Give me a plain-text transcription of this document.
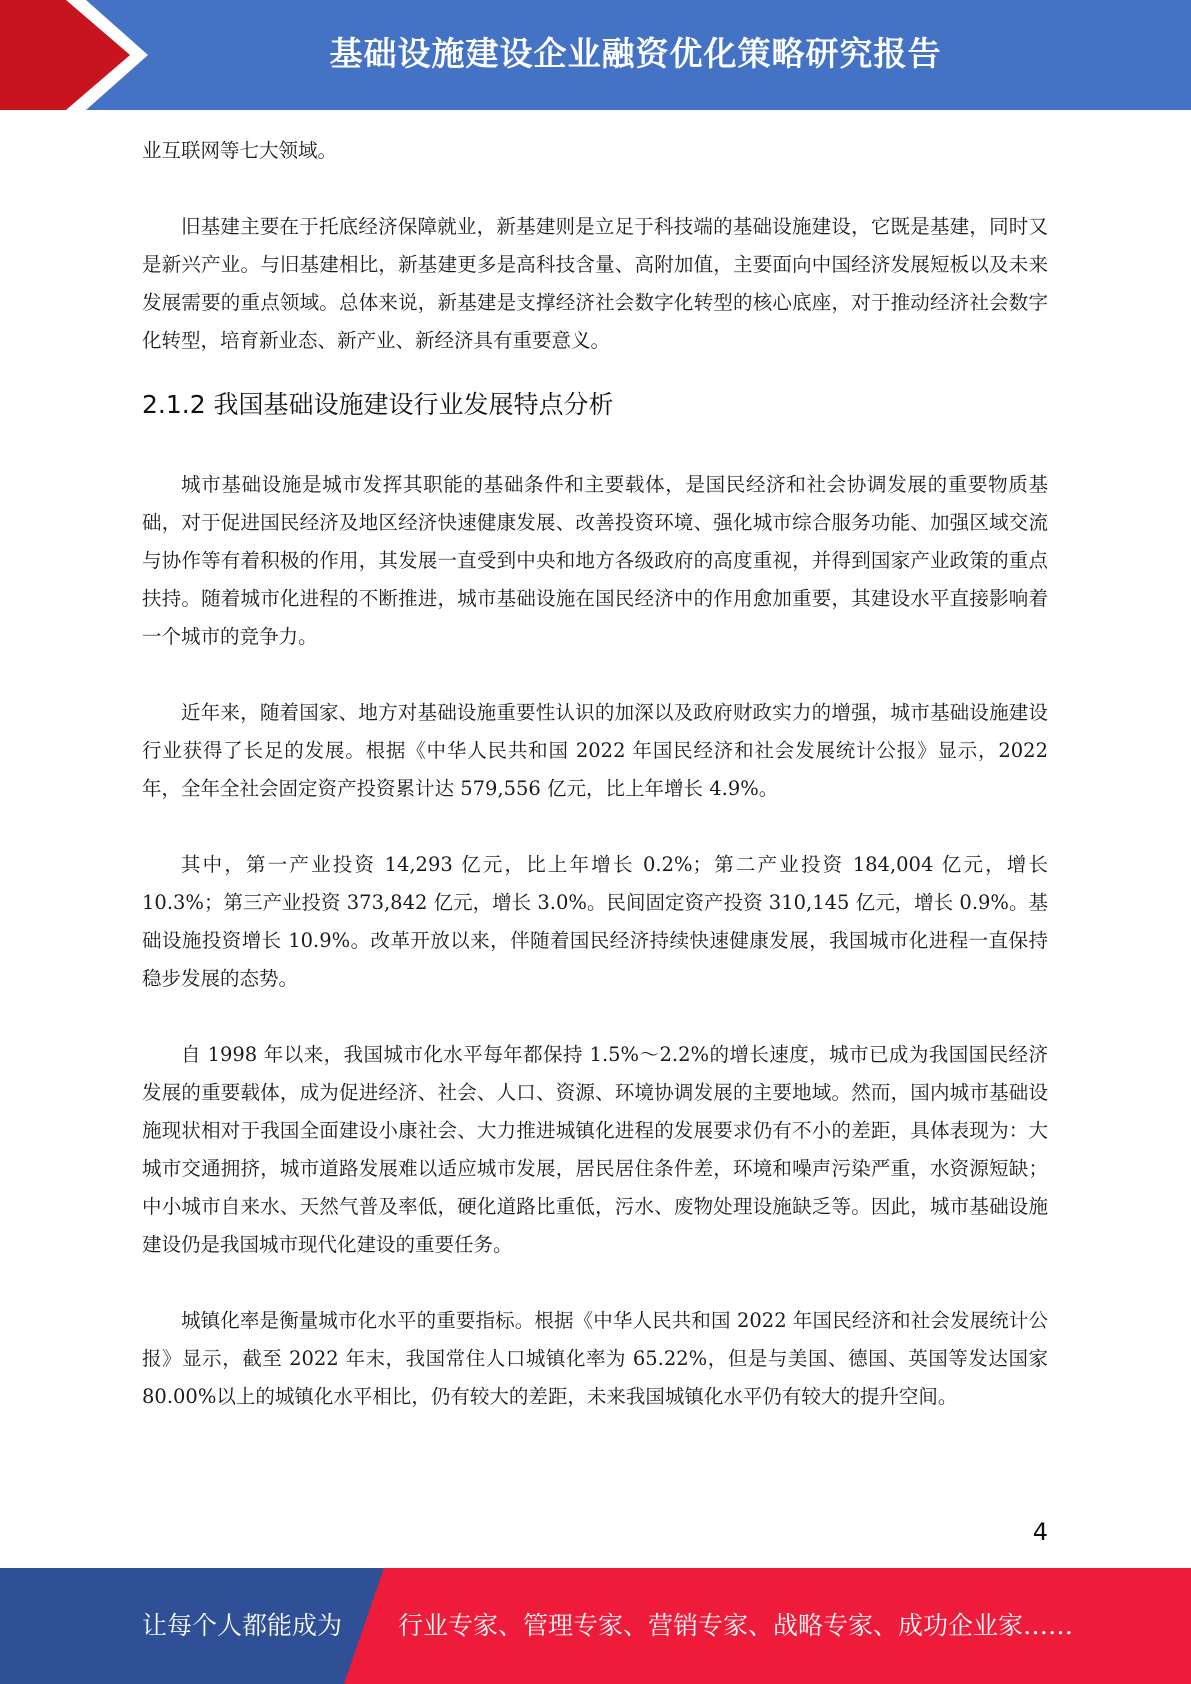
基础设施建设企业融资优化策略研究报告

业互联网等七大领域。

旧基建主要在于托底经济保障就业，新基建则是立足于科技端的基础设施建设，它既是基建，同时又是新兴产业。与旧基建相比，新基建更多是高科技含量、高附加值，主要面向中国经济发展短板以及未来发展需要的重点领域。总体来说，新基建是支撑经济社会数字化转型的核心底座，对于推动经济社会数字化转型，培育新业态、新产业、新经济具有重要意义。

2.1.2 我国基础设施建设行业发展特点分析

城市基础设施是城市发挥其职能的基础条件和主要载体，是国民经济和社会协调发展的重要物质基础，对于促进国民经济及地区经济快速健康发展、改善投资环境、强化城市综合服务功能、加强区域交流与协作等有着积极的作用，其发展一直受到中央和地方各级政府的高度重视，并得到国家产业政策的重点扶持。随着城市化进程的不断推进，城市基础设施在国民经济中的作用愈加重要，其建设水平直接影响着一个城市的竞争力。

近年来，随着国家、地方对基础设施重要性认识的加深以及政府财政实力的增强，城市基础设施建设行业获得了长足的发展。根据《中华人民共和国 2022 年国民经济和社会发展统计公报》显示，2022 年，全年全社会固定资产投资累计达 579,556 亿元，比上年增长 4.9%。

其中，第一产业投资 14,293 亿元，比上年增长 0.2%；第二产业投资 184,004 亿元，增长10.3%；第三产业投资 373,842 亿元，增长 3.0%。民间固定资产投资 310,145 亿元，增长 0.9%。基础设施投资增长 10.9%。改革开放以来，伴随着国民经济持续快速健康发展，我国城市化进程一直保持稳步发展的态势。

自 1998 年以来，我国城市化水平每年都保持 1.5%～2.2%的增长速度，城市已成为我国国民经济发展的重要载体，成为促进经济、社会、人口、资源、环境协调发展的主要地域。然而，国内城市基础设施现状相对于我国全面建设小康社会、大力推进城镇化进程的发展要求仍有不小的差距，具体表现为：大城市交通拥挤，城市道路发展难以适应城市发展，居民居住条件差，环境和噪声污染严重，水资源短缺；中小城市自来水、天然气普及率低，硬化道路比重低，污水、废物处理设施缺乏等。因此，城市基础设施建设仍是我国城市现代化建设的重要任务。

城镇化率是衡量城市化水平的重要指标。根据《中华人民共和国 2022 年国民经济和社会发展统计公报》显示，截至 2022 年末，我国常住人口城镇化率为 65.22%，但是与美国、德国、英国等发达国家 80.00%以上的城镇化水平相比，仍有较大的差距，未来我国城镇化水平仍有较大的提升空间。

4
让每个人都能成为 行业专家、管理专家、营销专家、战略专家、成功企业家……
